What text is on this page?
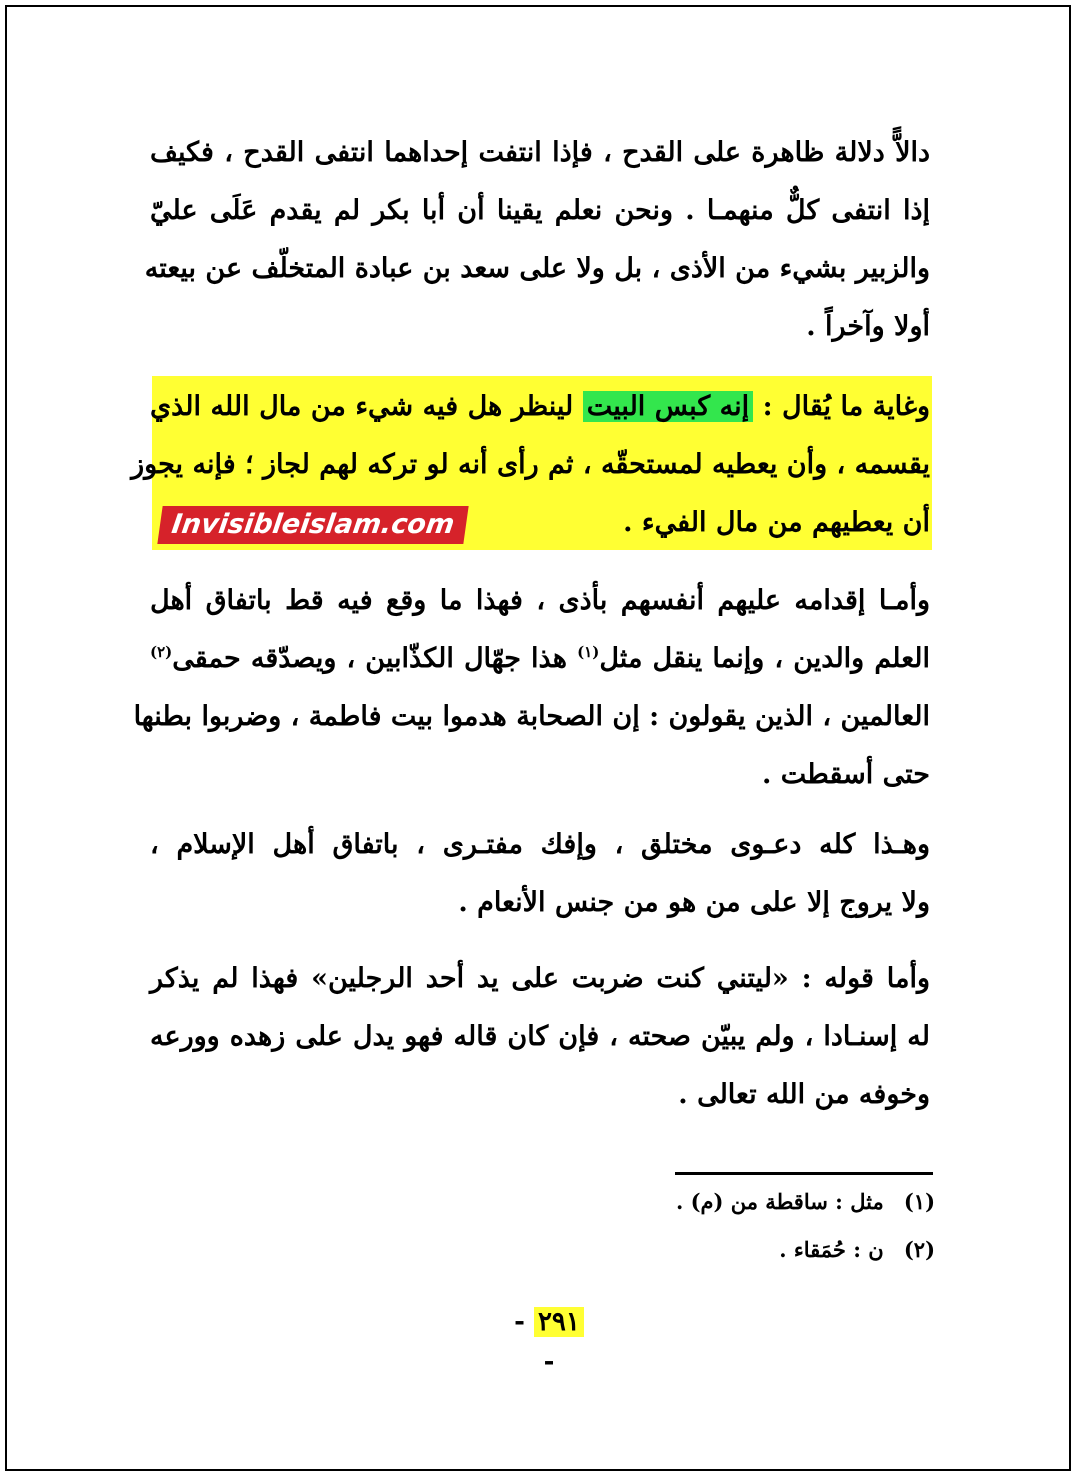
دالاًّ دلالة ظاهرة على القدح ، فإذا انتفت إحداهما انتفى القدح ، فكيف
إذا انتفى كلٌّ منهمـا . ونحن نعلم يقينا أن أبا بكر لم يقدم عَلَى عليّ
والزبير بشيء من الأذى ، بل ولا على سعد بن عبادة المتخلّف عن بيعته
أولا وآخراً .
وغاية ما يُقال : إنه كبس البيت لينظر هل فيه شيء من مال الله الذي
يقسمه ، وأن يعطيه لمستحقّه ، ثم رأى أنه لو تركه لهم لجاز ؛ فإنه يجوز
أن يعطيهم من مال الفيء .
Invisibleislam.com
وأمـا إقدامه عليهم أنفسهم بأذى ، فهذا ما وقع فيه قط باتفاق أهل
العلم والدين ، وإنما ينقل مثل$^{(١)}$ هذا جهّال الكذّابين ، ويصدّقه حمقى$^{(٢)}$
العالمين ، الذين يقولون : إن الصحابة هدموا بيت فاطمة ، وضربوا بطنها
حتى أسقطت .
وهـذا كله دعـوى مختلق ، وإفك مفتـرى ، باتفاق أهل الإسلام ،
ولا يروج إلا على من هو من جنس الأنعام .
وأما قوله : «ليتني كنت ضربت على يد أحد الرجلين» فهذا لم يذكر
له إسنـادا ، ولم يبيّن صحته ، فإن كان قاله فهو يدل على زهده وورعه
وخوفه من الله تعالى .
(١) مثل : ساقطة من (م) .
(٢) ن : حُمَقاء .
- ٢٩١ -
